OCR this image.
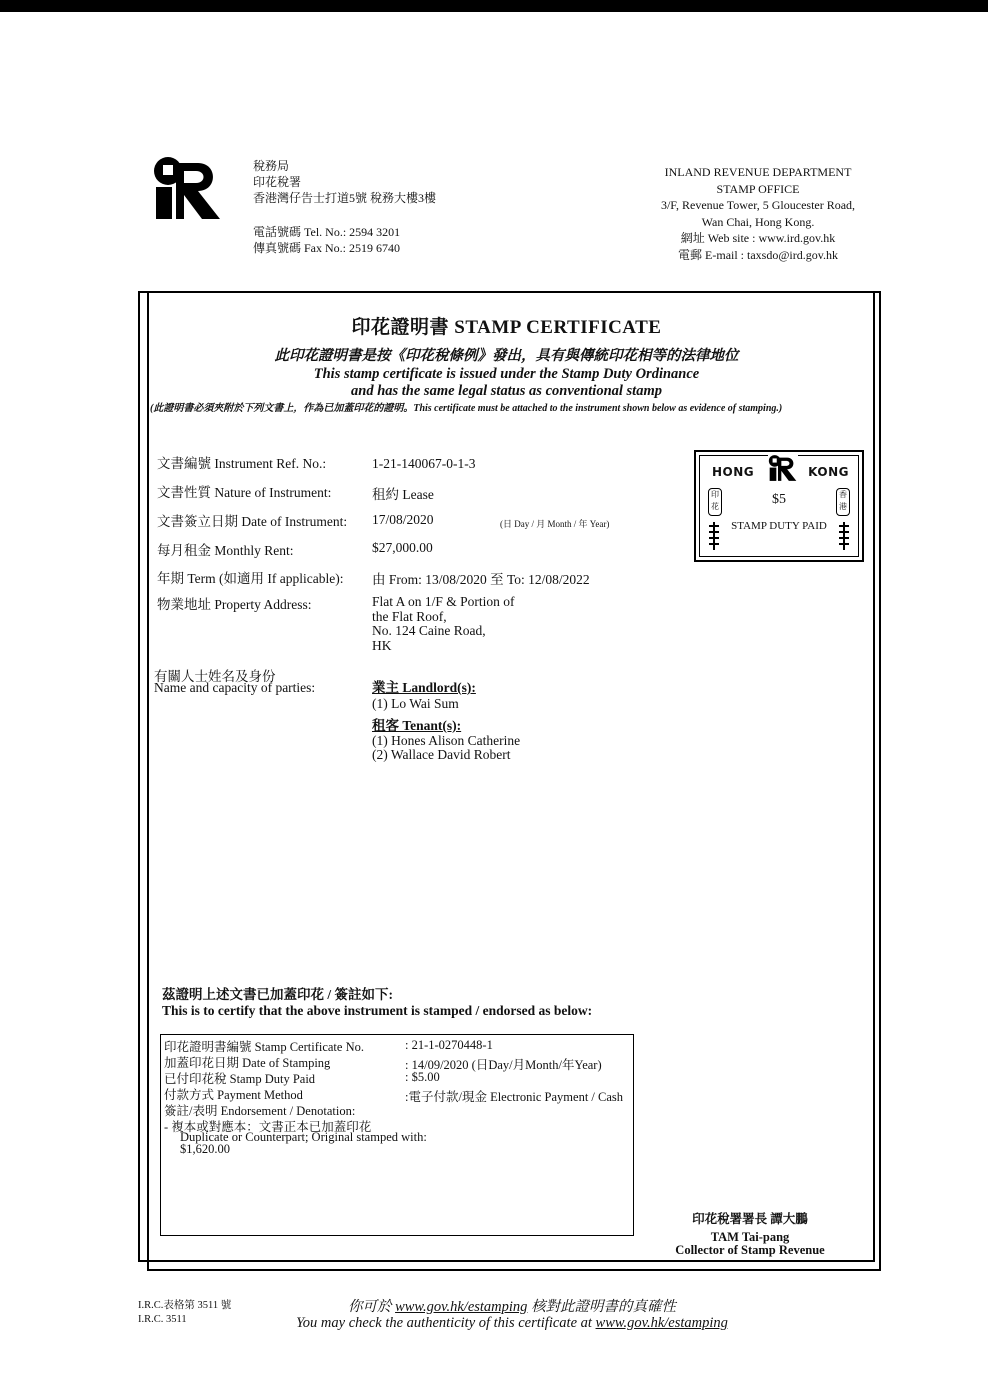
稅務局
印花稅署
香港灣仔告士打道5號 稅務大樓3樓
電話號碼 Tel. No.: 2594 3201
傳真號碼 Fax No.: 2519 6740
INLAND REVENUE DEPARTMENT
STAMP OFFICE
3/F, Revenue Tower, 5 Gloucester Road,
Wan Chai, Hong Kong.
網址 Web site : www.ird.gov.hk
電郵 E-mail : taxsdo@ird.gov.hk
印花證明書 STAMP CERTIFICATE
此印花證明書是按《印花稅條例》發出，具有與傳統印花相等的法律地位
This stamp certificate is issued under the Stamp Duty Ordinance
and has the same legal status as conventional stamp
(此證明書必須夾附於下列文書上，作為已加蓋印花的證明。This certificate must be attached to the instrument shown below as evidence of stamping.)
文書編號 Instrument Ref. No.:	1-21-140067-0-1-3
文書性質 Nature of Instrument:	租約 Lease
文書簽立日期 Date of Instrument: 17/08/2020	(日 Day / 月 Month / 年 Year)
每月租金 Monthly Rent:	$27,000.00
年期 Term (如適用 If applicable): 由 From: 13/08/2020 至 To: 12/08/2022
物業地址 Property Address:	Flat A on 1/F & Portion of
the Flat Roof,
No. 124 Caine Road,
HK
有關人士姓名及身份
Name and capacity of parties:	業主 Landlord(s):
(1) Lo Wai Sum
租客 Tenant(s):
(1) Hones Alison Catherine
(2) Wallace David Robert
HONG	KONG
$5
STAMP DUTY PAID
印花
香港
茲證明上述文書已加蓋印花 / 簽註如下:
This is to certify that the above instrument is stamped / endorsed as below:
印花證明書編號 Stamp Certificate No.	: 21-1-0270448-1
加蓋印花日期 Date of Stamping	: 14/09/2020 (日Day/月Month/年Year)
已付印花稅 Stamp Duty Paid	: $5.00
付款方式 Payment Method	:電子付款/現金 Electronic Payment / Cash
簽註/表明 Endorsement / Denotation:
- 複本或對應本：文書正本已加蓋印花
Duplicate or Counterpart; Original stamped with:
$1,620.00
印花稅署署長 譚大鵬
TAM Tai-pang
Collector of Stamp Revenue
I.R.C.表格第 3511 號
I.R.C. 3511
你可於 www.gov.hk/estamping 核對此證明書的真確性
You may check the authenticity of this certificate at www.gov.hk/estamping
